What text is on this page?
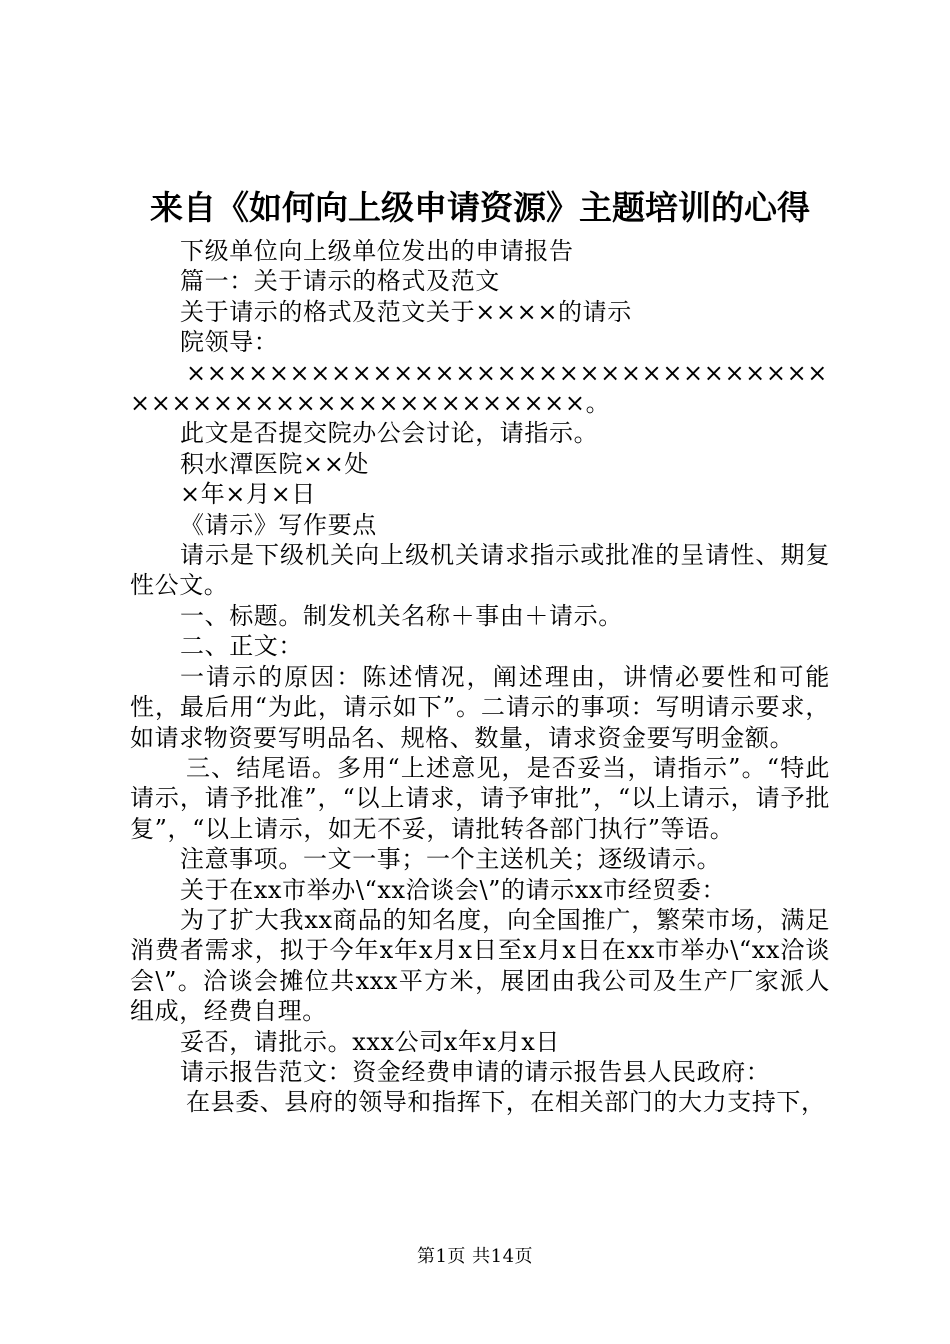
来自《如何向上级申请资源》主题培训的心得

下级单位向上级单位发出的申请报告

篇一：关于请示的格式及范文

关于请示的格式及范文关于××××的请示

院领导：

×××××××××××××××××××××××××××××××××××××××××××××××××××××。

此文是否提交院办公会讨论，请指示。

积水潭医院××处

×年×月×日

《请示》写作要点

请示是下级机关向上级机关请求指示或批准的呈请性、期复性公文。

一、标题。制发机关名称＋事由＋请示。

二、正文：

一请示的原因：陈述情况，阐述理由，讲情必要性和可能性，最后用“为此，请示如下”。二请示的事项：写明请示要求，如请求物资要写明品名、规格、数量，请求资金要写明金额。

三、结尾语。多用“上述意见，是否妥当，请指示”。“特此请示，请予批准”，“以上请求，请予审批”，“以上请示，请予批复”，“以上请示，如无不妥，请批转各部门执行”等语。

注意事项。一文一事；一个主送机关；逐级请示。

关于在xx市举办\“xx洽谈会\”的请示xx市经贸委：

为了扩大我xx商品的知名度，向全国推广，繁荣市场，满足消费者需求，拟于今年x年x月x日至x月x日在xx市举办\“xx洽谈会\”。洽谈会摊位共xxx平方米，展团由我公司及生产厂家派人组成，经费自理。

妥否，请批示。xxx公司x年x月x日

请示报告范文：资金经费申请的请示报告县人民政府：

在县委、县府的领导和指挥下，在相关部门的大力支持下，

第1页 共14页
